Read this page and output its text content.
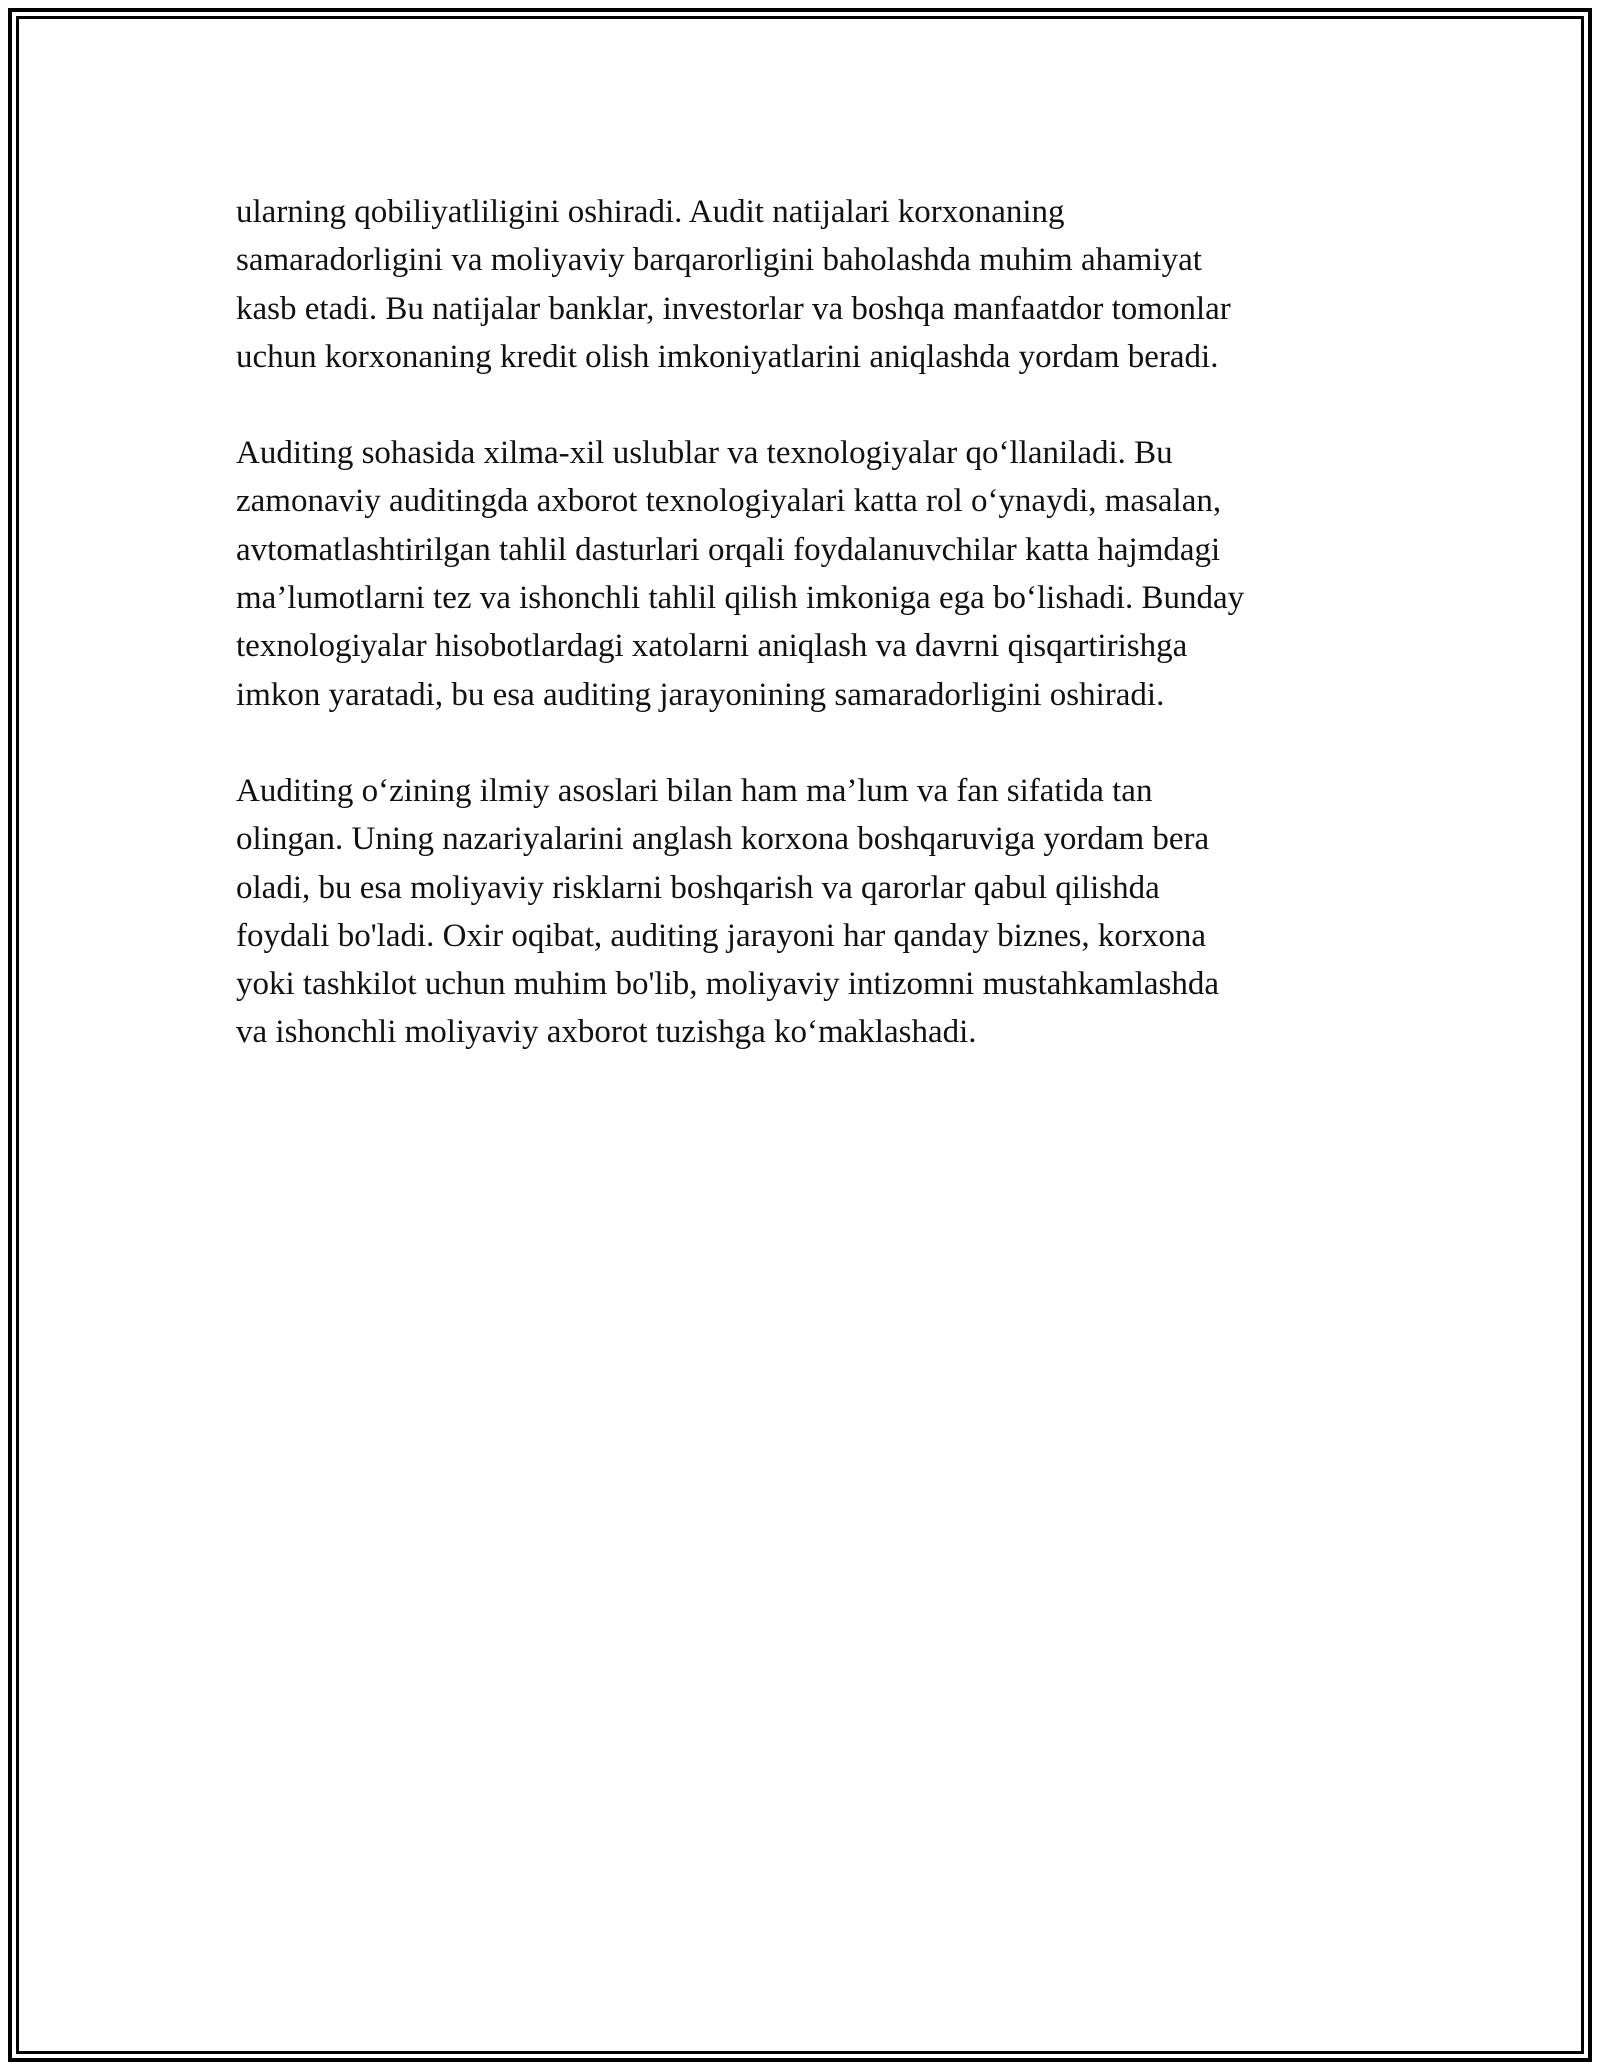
ularning qobiliyatliligini oshiradi. Audit natijalari korxonaning
samaradorligini va moliyaviy barqarorligini baholashda muhim ahamiyat
kasb etadi. Bu natijalar banklar, investorlar va boshqa manfaatdor tomonlar
uchun korxonaning kredit olish imkoniyatlarini aniqlashda yordam beradi.

Auditing sohasida xilma-xil uslublar va texnologiyalar qo‘llaniladi. Bu
zamonaviy auditingda axborot texnologiyalari katta rol o‘ynaydi, masalan,
avtomatlashtirilgan tahlil dasturlari orqali foydalanuvchilar katta hajmdagi
ma’lumotlarni tez va ishonchli tahlil qilish imkoniga ega bo‘lishadi. Bunday
texnologiyalar hisobotlardagi xatolarni aniqlash va davrni qisqartirishga
imkon yaratadi, bu esa auditing jarayonining samaradorligini oshiradi.

Auditing o‘zining ilmiy asoslari bilan ham ma’lum va fan sifatida tan
olingan. Uning nazariyalarini anglash korxona boshqaruviga yordam bera
oladi, bu esa moliyaviy risklarni boshqarish va qarorlar qabul qilishda
foydali bo'ladi. Oxir oqibat, auditing jarayoni har qanday biznes, korxona
yoki tashkilot uchun muhim bo'lib, moliyaviy intizomni mustahkamlashda
va ishonchli moliyaviy axborot tuzishga ko‘maklashadi.
